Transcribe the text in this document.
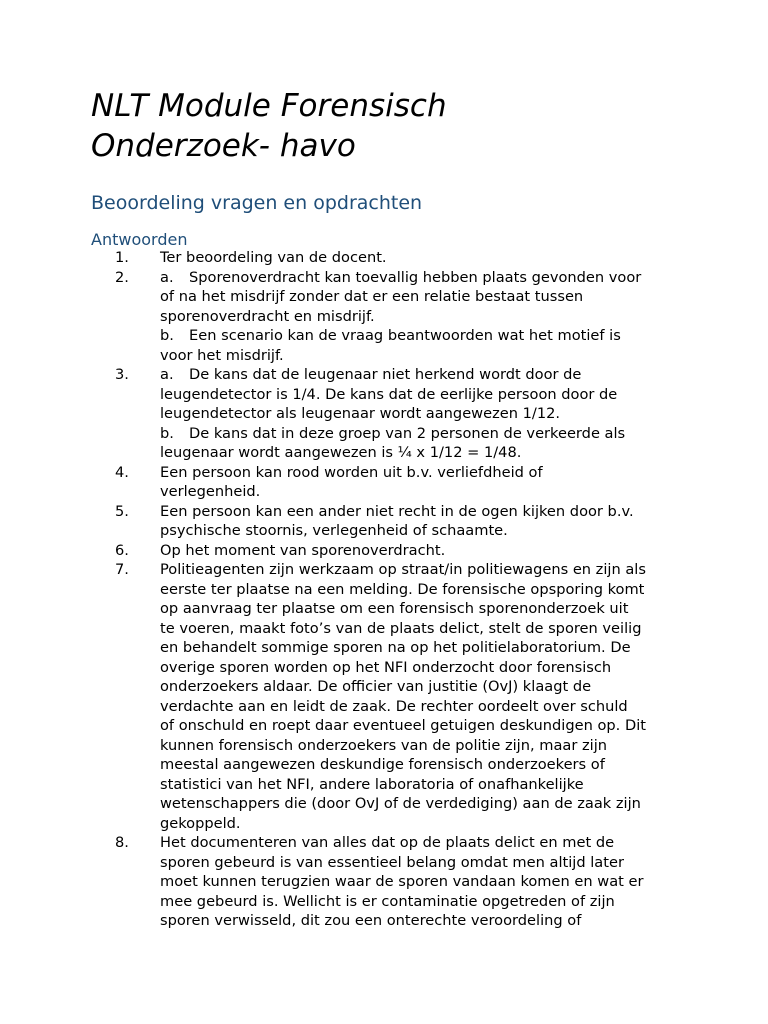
NLT Module Forensisch
Onderzoek- havo
Beoordeling vragen en opdrachten
Antwoorden
1. Ter beoordeling van de docent.
2. a. Sporenoverdracht kan toevallig hebben plaats gevonden voor
of na het misdrijf zonder dat er een relatie bestaat tussen
sporenoverdracht en misdrijf.
b. Een scenario kan de vraag beantwoorden wat het motief is
voor het misdrijf.
3. a. De kans dat de leugenaar niet herkend wordt door de
leugendetector is 1/4. De kans dat de eerlijke persoon door de
leugendetector als leugenaar wordt aangewezen 1/12.
b. De kans dat in deze groep van 2 personen de verkeerde als
leugenaar wordt aangewezen is ¼ x 1/12 = 1/48.
4. Een persoon kan rood worden uit b.v. verliefdheid of
verlegenheid.
5. Een persoon kan een ander niet recht in de ogen kijken door b.v.
psychische stoornis, verlegenheid of schaamte.
6. Op het moment van sporenoverdracht.
7. Politieagenten zijn werkzaam op straat/in politiewagens en zijn als
eerste ter plaatse na een melding. De forensische opsporing komt
op aanvraag ter plaatse om een forensisch sporenonderzoek uit
te voeren, maakt foto’s van de plaats delict, stelt de sporen veilig
en behandelt sommige sporen na op het politielaboratorium. De
overige sporen worden op het NFI onderzocht door forensisch
onderzoekers aldaar. De officier van justitie (OvJ) klaagt de
verdachte aan en leidt de zaak. De rechter oordeelt over schuld
of onschuld en roept daar eventueel getuigen deskundigen op. Dit
kunnen forensisch onderzoekers van de politie zijn, maar zijn
meestal aangewezen deskundige forensisch onderzoekers of
statistici van het NFI, andere laboratoria of onafhankelijke
wetenschappers die (door OvJ of de verdediging) aan de zaak zijn
gekoppeld.
8. Het documenteren van alles dat op de plaats delict en met de
sporen gebeurd is van essentieel belang omdat men altijd later
moet kunnen terugzien waar de sporen vandaan komen en wat er
mee gebeurd is. Wellicht is er contaminatie opgetreden of zijn
sporen verwisseld, dit zou een onterechte veroordeling of
